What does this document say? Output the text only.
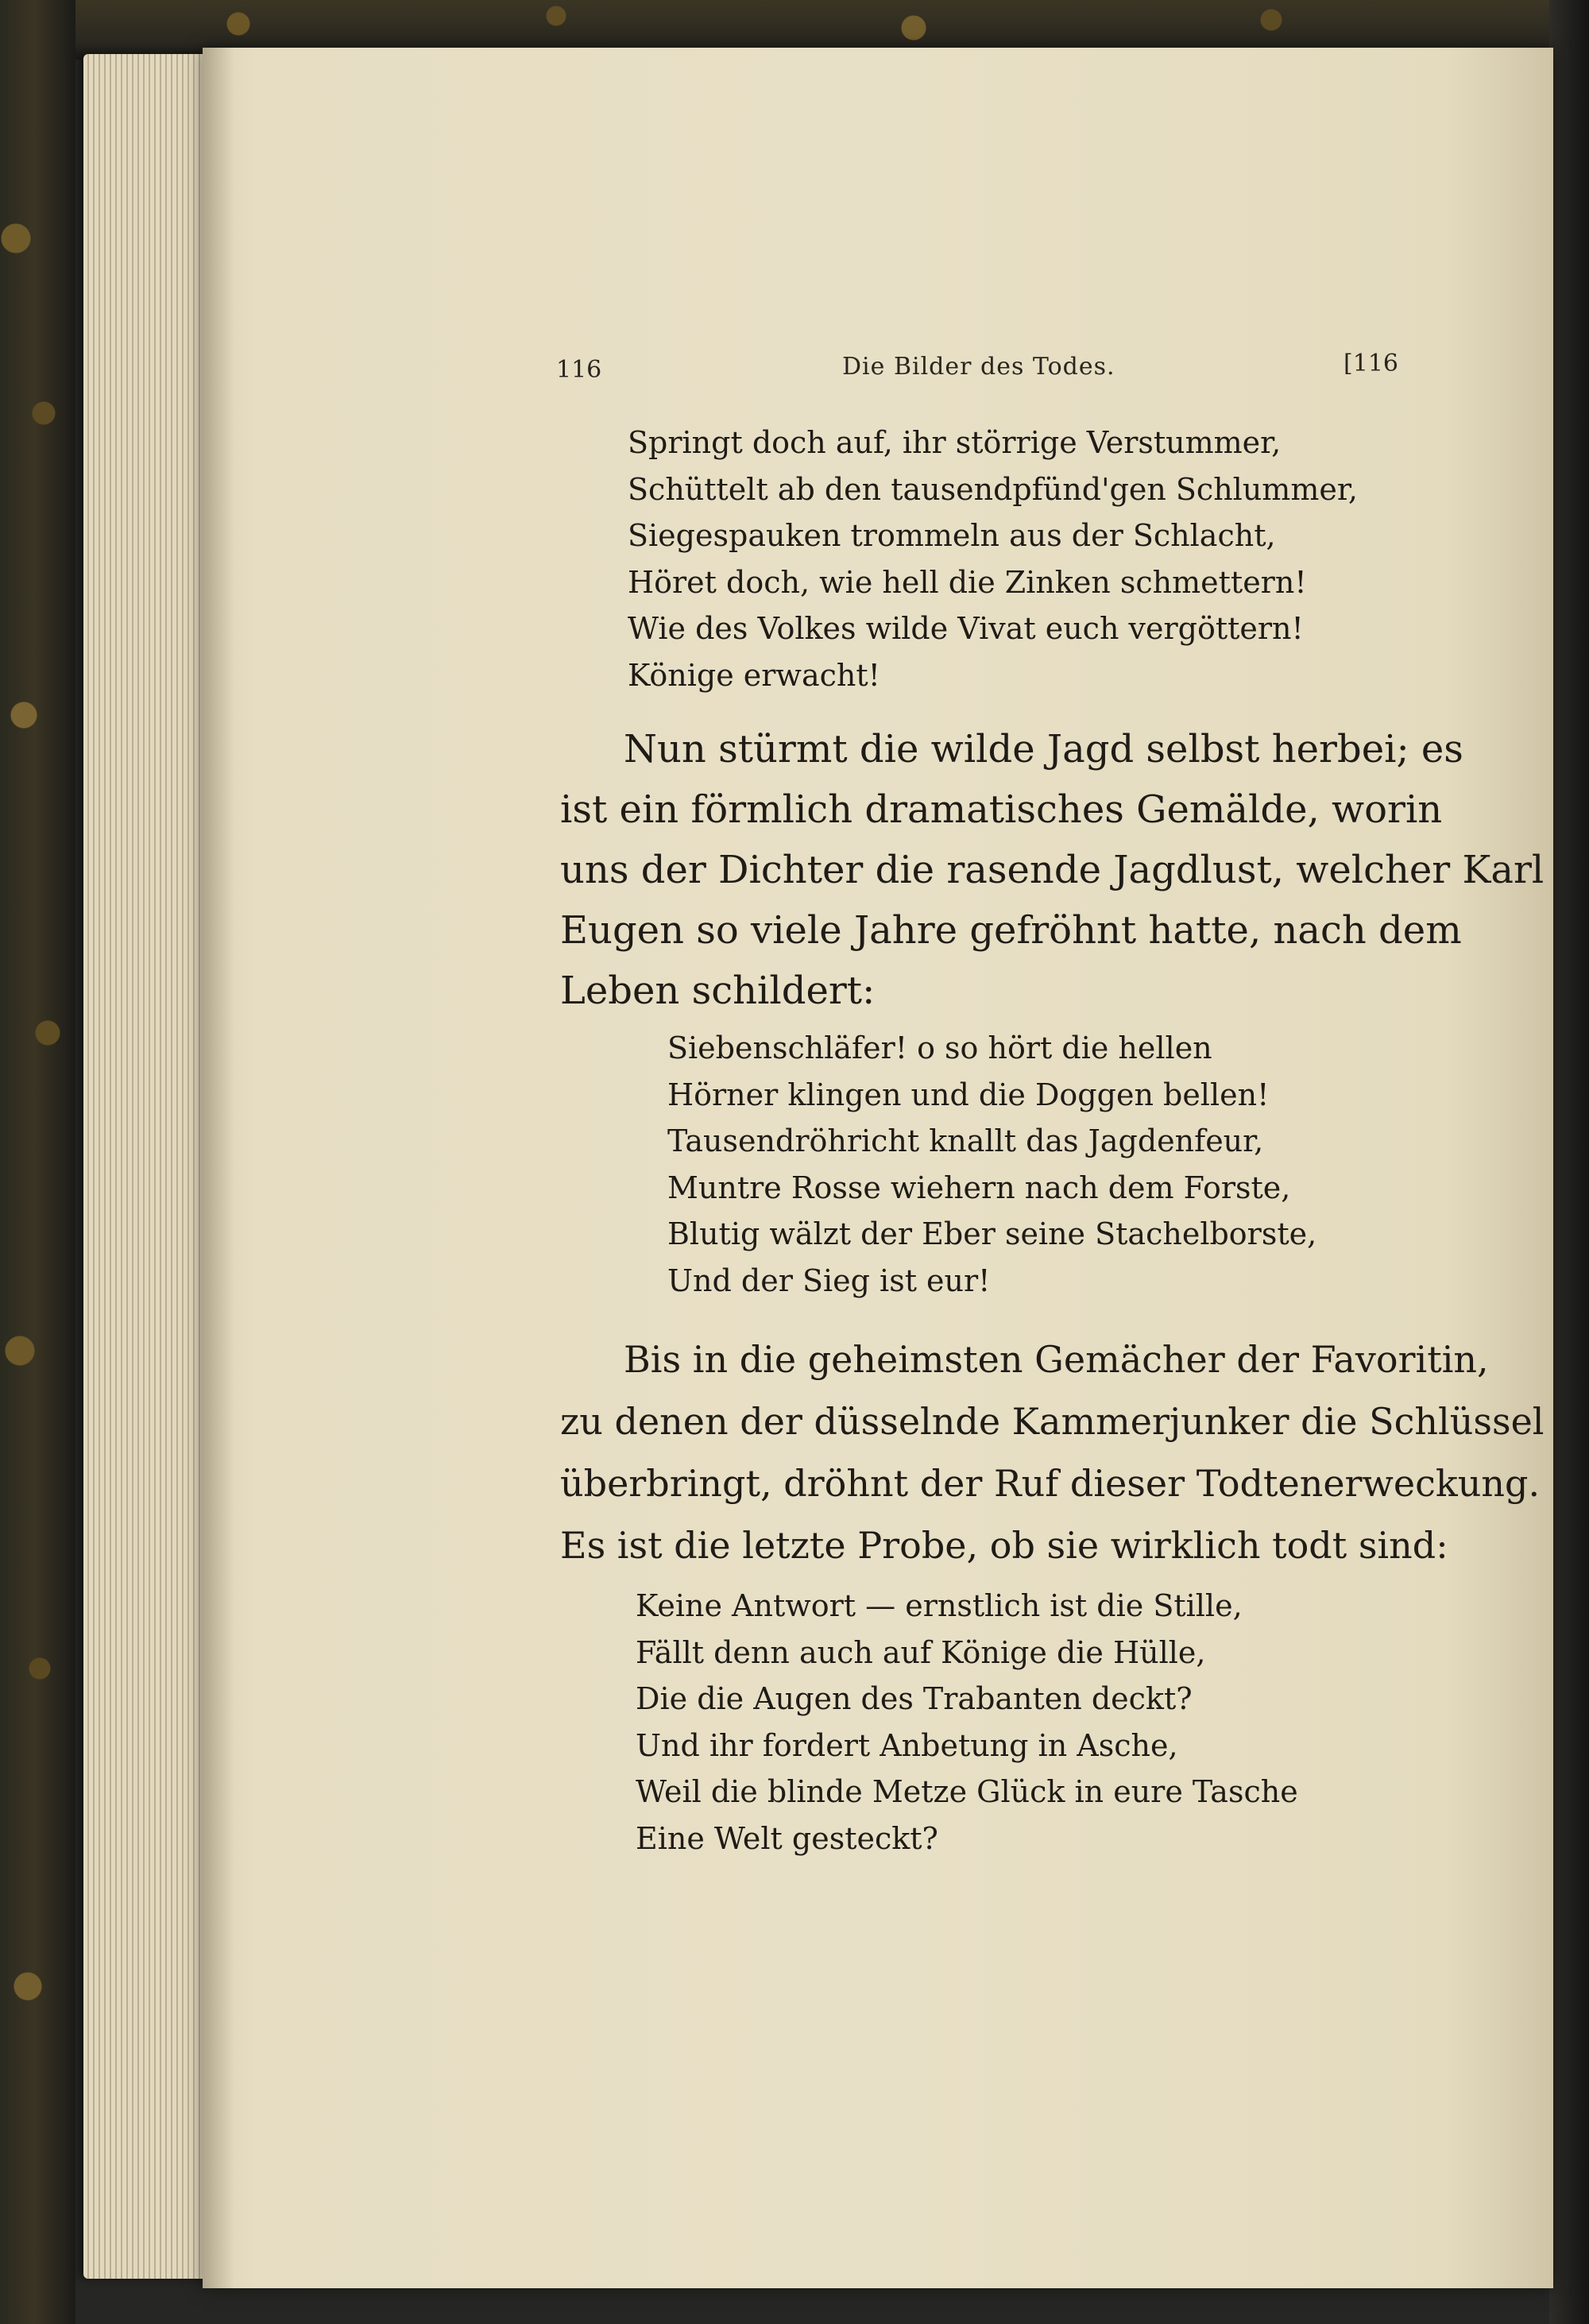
116	Die Bilder des Todes.	[116
Springt doch auf, ihr störrige Verstummer,
Schüttelt ab den tausendpfünd'gen Schlummer,
Siegespauken trommeln aus der Schlacht,
Höret doch, wie hell die Zinken schmettern!
Wie des Volkes wilde Vivat euch vergöttern!
Könige erwacht!
Nun stürmt die wilde Jagd selbst herbei; es
ist ein förmlich dramatisches Gemälde, worin
uns der Dichter die rasende Jagdlust, welcher Karl
Eugen so viele Jahre gefröhnt hatte, nach dem
Leben schildert:
Siebenschläfer! o so hört die hellen
Hörner klingen und die Doggen bellen!
Tausendröhricht knallt das Jagdenfeur,
Muntre Rosse wiehern nach dem Forste,
Blutig wälzt der Eber seine Stachelborste,
Und der Sieg ist eur!
Bis in die geheimsten Gemächer der Favoritin,
zu denen der düsselnde Kammerjunker die Schlüssel
überbringt, dröhnt der Ruf dieser Todtenerweckung.
Es ist die letzte Probe, ob sie wirklich todt sind:
Keine Antwort — ernstlich ist die Stille,
Fällt denn auch auf Könige die Hülle,
Die die Augen des Trabanten deckt?
Und ihr fordert Anbetung in Asche,
Weil die blinde Metze Glück in eure Tasche
Eine Welt gesteckt?
